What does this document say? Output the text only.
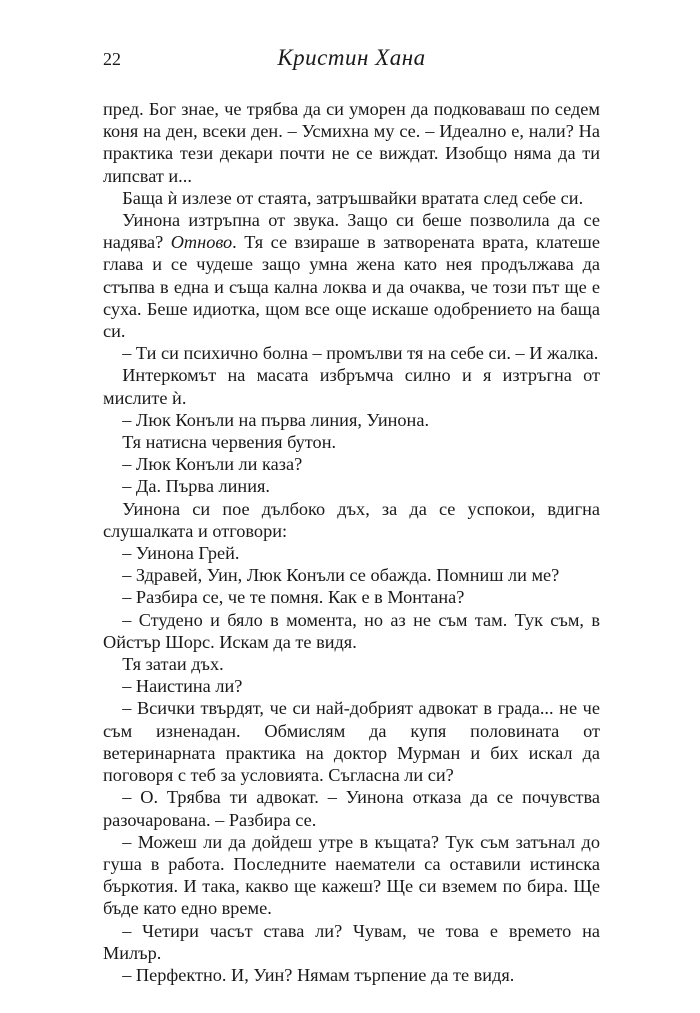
22	Кристин Хана

пред. Бог знае, че трябва да си уморен да подковаваш по седем коня на ден, всеки ден. – Усмихна му се. – Идеално е, нали? На практика тези декари почти не се виждат. Изобщо няма да ти липсват и...

Баща ѝ излезе от стаята, затръшвайки вратата след себе си.

Уинона изтръпна от звука. Защо си беше позволила да се надява? Отново. Тя се взираше в затворената врата, клатеше глава и се чудеше защо умна жена като нея продължава да стъпва в една и съща кална локва и да очаква, че този път ще е суха. Беше идиотка, щом все още искаше одобрението на баща си.

– Ти си психично болна – промълви тя на себе си. – И жалка.

Интеркомът на масата избръмча силно и я изтръгна от мислите ѝ.

– Люк Конъли на първа линия, Уинона.

Тя натисна червения бутон.

– Люк Конъли ли каза?

– Да. Първа линия.

Уинона си пое дълбоко дъх, за да се успокои, вдигна слушалката и отговори:

– Уинона Грей.

– Здравей, Уин, Люк Конъли се обажда. Помниш ли ме?

– Разбира се, че те помня. Как е в Монтана?

– Студено и бяло в момента, но аз не съм там. Тук съм, в Ойстър Шорс. Искам да те видя.

Тя затаи дъх.

– Наистина ли?

– Всички твърдят, че си най-добрият адвокат в града... не че съм изненадан. Обмислям да купя половината от ветеринарната практика на доктор Мурман и бих искал да поговоря с теб за условията. Съгласна ли си?

– О. Трябва ти адвокат. – Уинона отказа да се почувства разочарована. – Разбира се.

– Можеш ли да дойдеш утре в къщата? Тук съм затънал до гуша в работа. Последните наематели са оставили истинска бъркотия. И така, какво ще кажеш? Ще си вземем по бира. Ще бъде като едно време.

– Четири часът става ли? Чувам, че това е времето на Милър.

– Перфектно. И, Уин? Нямам търпение да те видя.
